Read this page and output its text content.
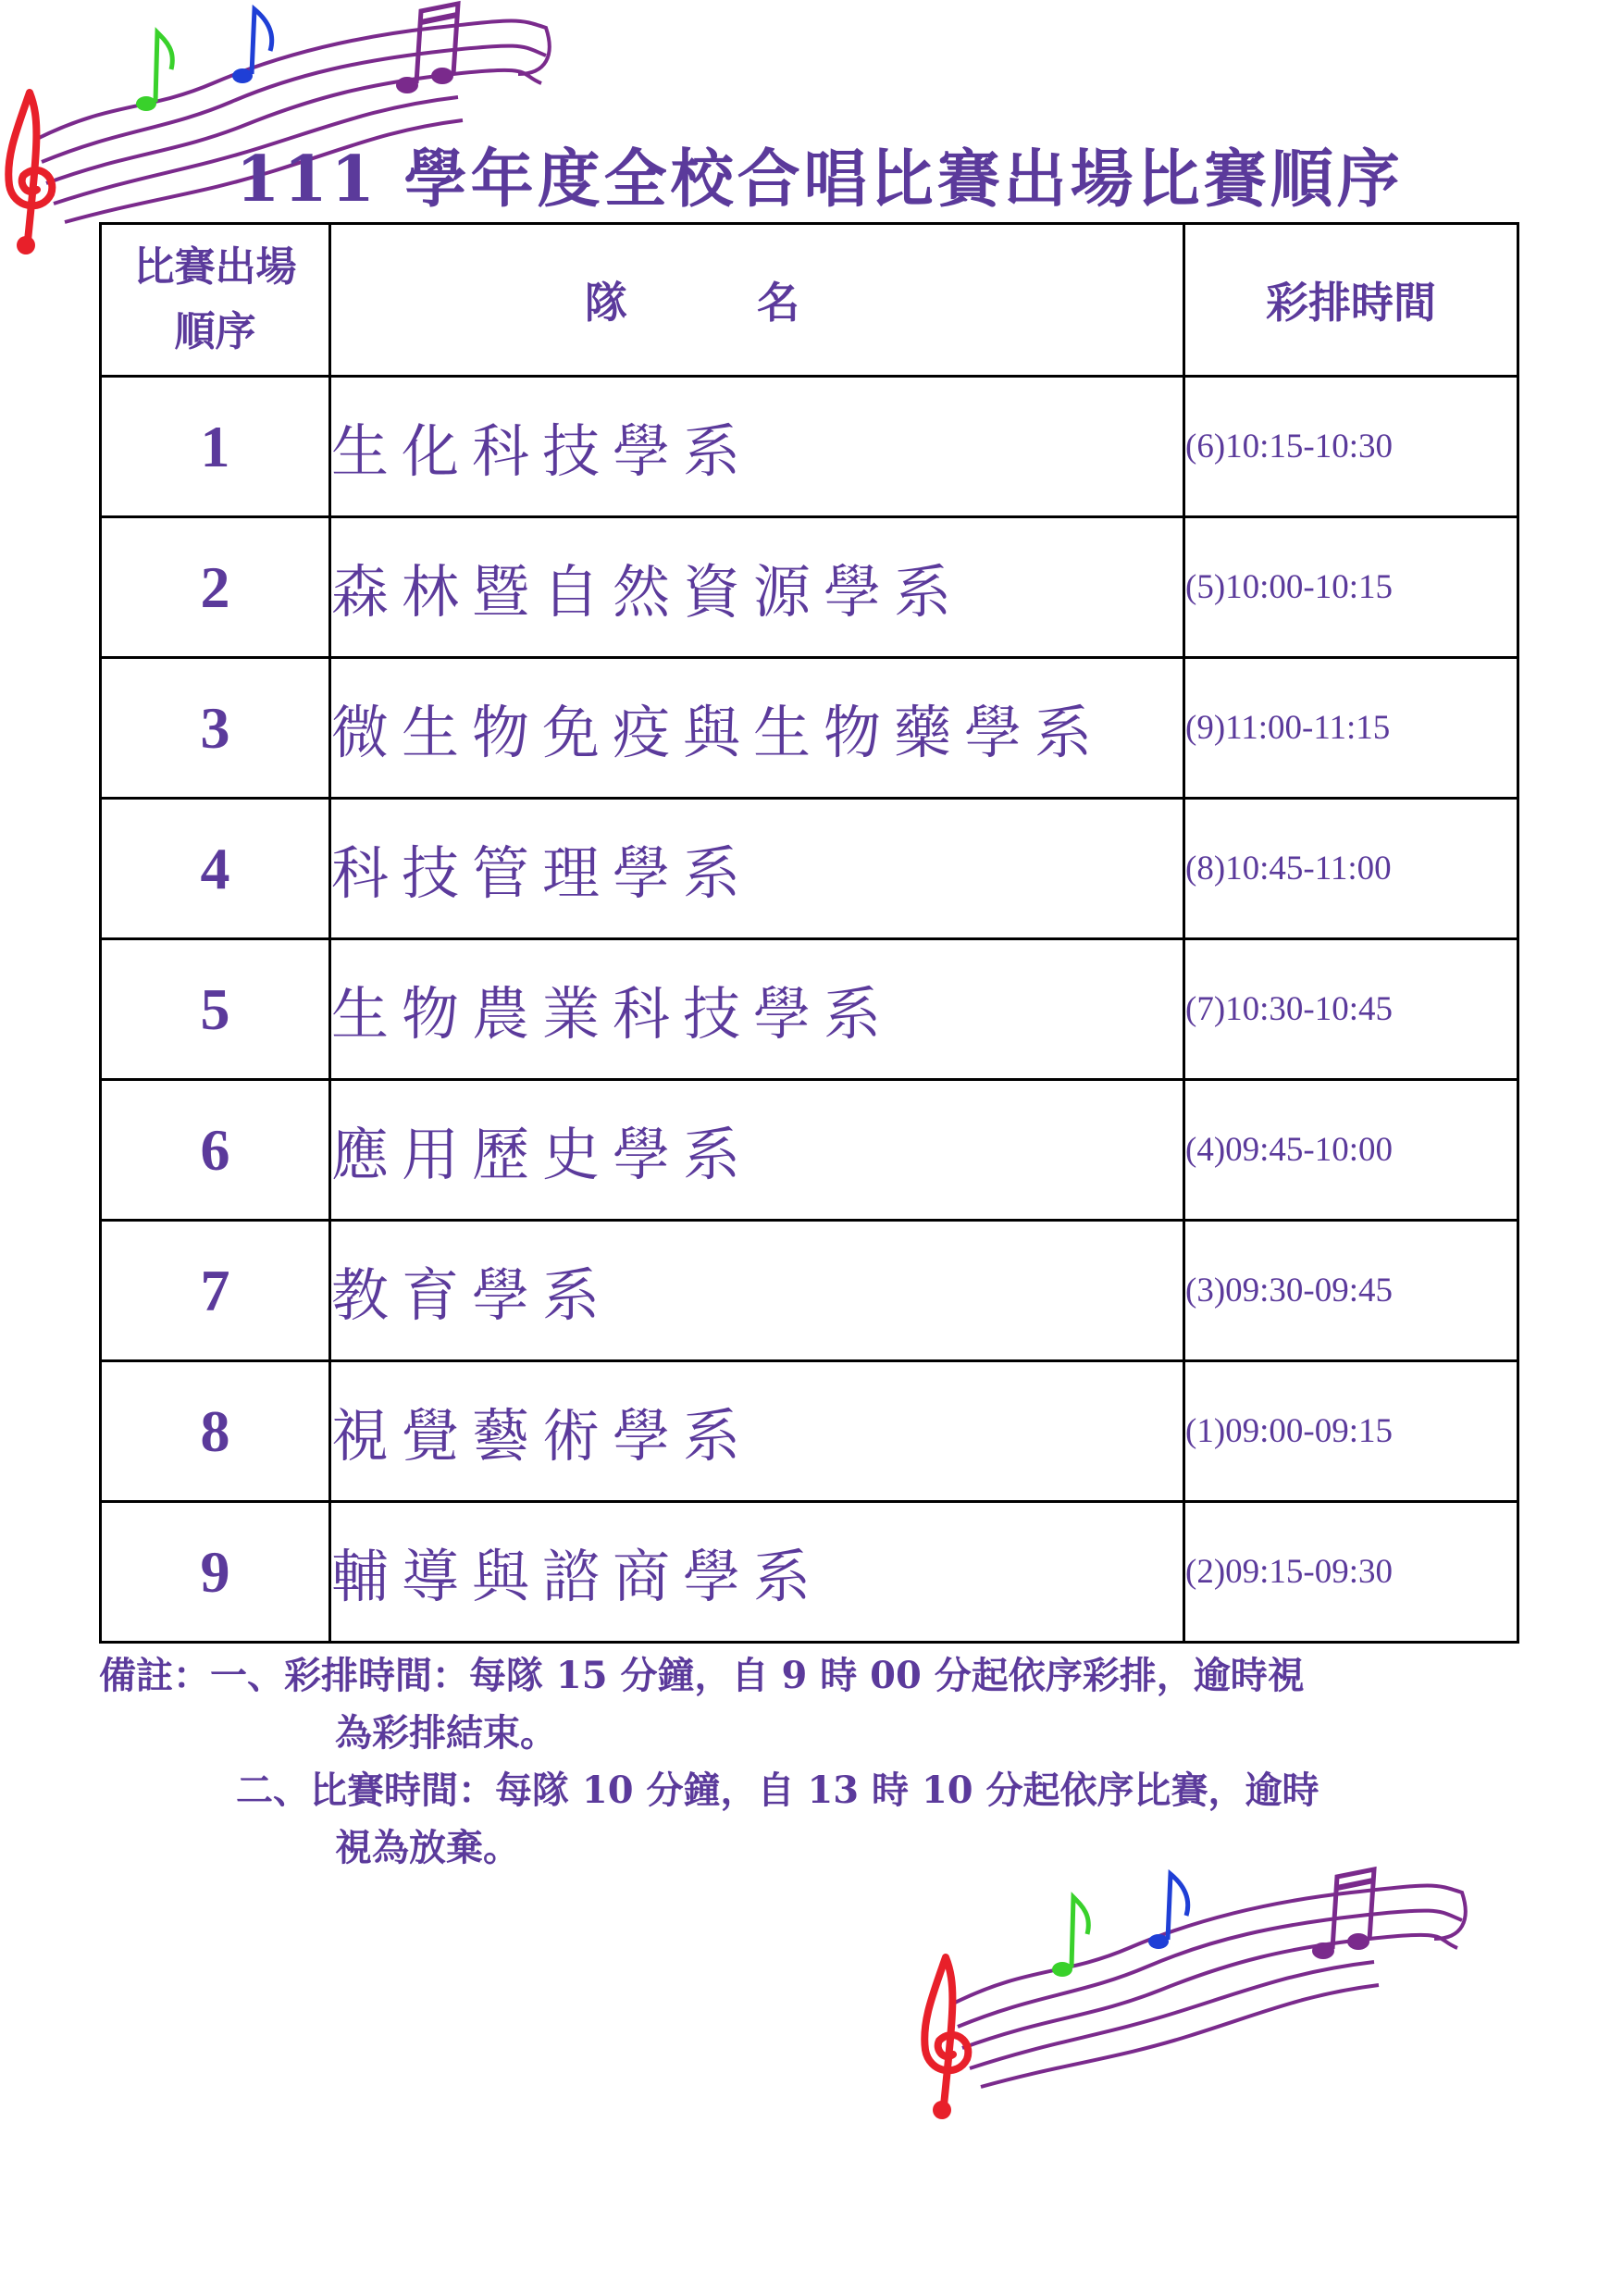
111 學年度全校合唱比賽出場比賽順序
比賽出場
順序	隊名	彩排時間
1	生化科技學系	(6)10:15-10:30
2	森林暨自然資源學系	(5)10:00-10:15
3	微生物免疫與生物藥學系	(9)11:00-11:15
4	科技管理學系	(8)10:45-11:00
5	生物農業科技學系	(7)10:30-10:45
6	應用歷史學系	(4)09:45-10:00
7	教育學系	(3)09:30-09:45
8	視覺藝術學系	(1)09:00-09:15
9	輔導與諮商學系	(2)09:15-09:30
備註：一、彩排時間：每隊 15 分鐘，自 9 時 00 分起依序彩排，逾時視
為彩排結束。
二、比賽時間：每隊 10 分鐘，自 13 時 10 分起依序比賽，逾時
視為放棄。
